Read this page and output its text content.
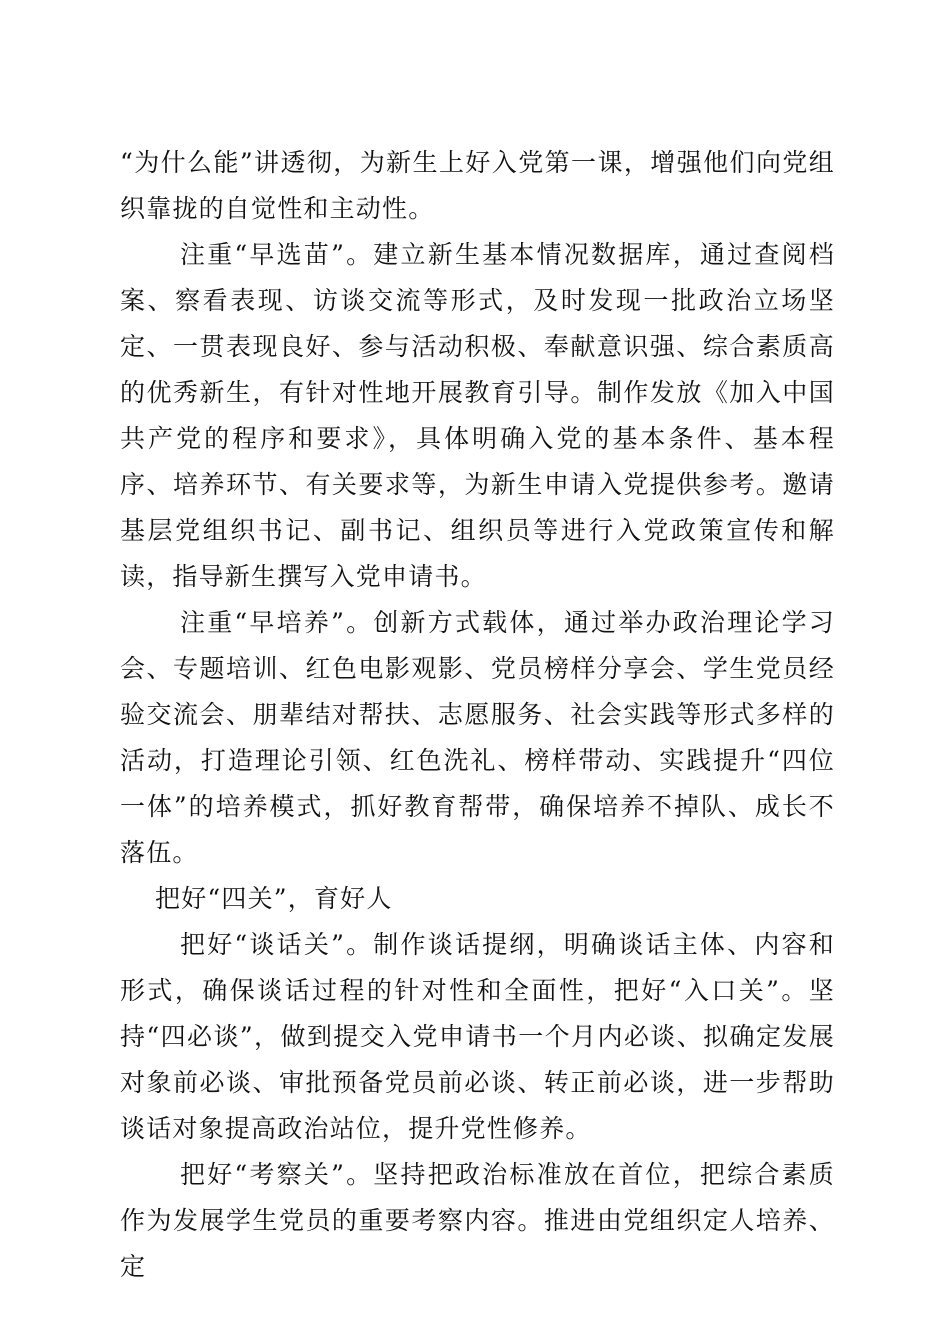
“为什么能”讲透彻，为新生上好入党第一课，增强他们向党组织靠拢的自觉性和主动性。

注重“早选苗”。建立新生基本情况数据库，通过查阅档案、察看表现、访谈交流等形式，及时发现一批政治立场坚定、一贯表现良好、参与活动积极、奉献意识强、综合素质高的优秀新生，有针对性地开展教育引导。制作发放《加入中国共产党的程序和要求》，具体明确入党的基本条件、基本程序、培养环节、有关要求等，为新生申请入党提供参考。邀请基层党组织书记、副书记、组织员等进行入党政策宣传和解读，指导新生撰写入党申请书。

注重“早培养”。创新方式载体，通过举办政治理论学习会、专题培训、红色电影观影、党员榜样分享会、学生党员经验交流会、朋辈结对帮扶、志愿服务、社会实践等形式多样的活动，打造理论引领、红色洗礼、榜样带动、实践提升“四位一体”的培养模式，抓好教育帮带，确保培养不掉队、成长不落伍。

把好“四关”，育好人

把好“谈话关”。制作谈话提纲，明确谈话主体、内容和形式，确保谈话过程的针对性和全面性，把好“入口关”。坚持“四必谈”，做到提交入党申请书一个月内必谈、拟确定发展对象前必谈、审批预备党员前必谈、转正前必谈，进一步帮助谈话对象提高政治站位，提升党性修养。

把好“考察关”。坚持把政治标准放在首位，把综合素质作为发展学生党员的重要考察内容。推进由党组织定人培养、定
